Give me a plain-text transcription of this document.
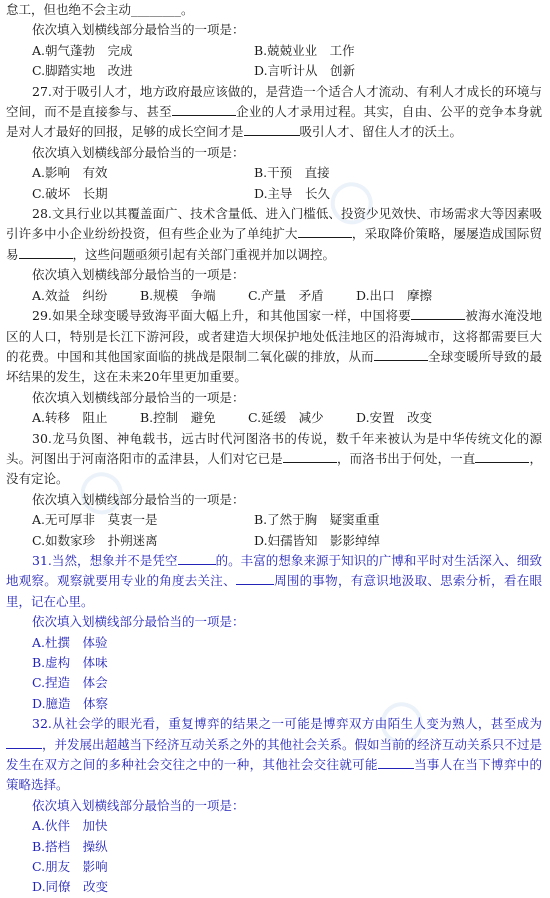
怠工，但也绝不会主动________。

依次填入划横线部分最恰当的一项是：

A.朝气蓬勃　完成	B.兢兢业业　工作
C.脚踏实地　改进	D.言听计从　创新

27.对于吸引人才，地方政府最应该做的，是营造一个适合人才流动、有利人才成长的环境与空间，而不是直接参与、甚至	企业的人才录用过程。其实，自由、公平的竞争本身就是对人才最好的回报，足够的成长空间才是	吸引人才、留住人才的沃土。

依次填入划横线部分最恰当的一项是：

A.影响　有效	B.干预　直接
C.破坏　长期	D.主导　长久

28.文具行业以其覆盖面广、技术含量低、进入门槛低、投资少见效快、市场需求大等因素吸引许多中小企业纷纷投资，但有些企业为了单纯扩大	，采取降价策略，屡屡造成国际贸易	，这些问题亟须引起有关部门重视并加以调控。

依次填入划横线部分最恰当的一项是：

A.效益　纠纷	B.规模　争端	C.产量　矛盾	D.出口　摩擦

29.如果全球变暖导致海平面大幅上升，和其他国家一样，中国将要	被海水淹没地区的人口，特别是长江下游河段，或者建造大坝保护地处低洼地区的沿海城市，这将都需要巨大的花费。中国和其他国家面临的挑战是限制二氧化碳的排放，从而	全球变暖所导致的最坏结果的发生，这在未来20年里更加重要。

依次填入划横线部分最恰当的一项是：

A.转移　阻止	B.控制　避免	C.延缓　减少	D.安置　改变

30.龙马负图、神龟载书，远古时代河图洛书的传说，数千年来被认为是中华传统文化的源头。河图出于河南洛阳市的孟津县，人们对它已是	，而洛书出于何处，一直	，没有定论。

依次填入划横线部分最恰当的一项是：

A.无可厚非　莫衷一是	B.了然于胸　疑窦重重
C.如数家珍　扑朔迷离	D.妇孺皆知　影影绰绰

31.当然，想象并不是凭空	的。丰富的想象来源于知识的广博和平时对生活深入、细致地观察。观察就要用专业的角度去关注、	周围的事物，有意识地汲取、思索分析，看在眼里，记在心里。

依次填入划横线部分最恰当的一项是：

A.杜撰　体验
B.虚构　体味
C.捏造　体会
D.臆造　体察

32.从社会学的眼光看，重复博弈的结果之一可能是博弈双方由陌生人变为熟人，甚至成为，并发展出超越当下经济互动关系之外的其他社会关系。假如当前的经济互动关系只不过是发生在双方之间的多种社会交往之中的一种，其他社会交往就可能	当事人在当下博弈中的策略选择。

依次填入划横线部分最恰当的一项是：

A.伙伴　加快
B.搭档　操纵
C.朋友　影响
D.同僚　改变
